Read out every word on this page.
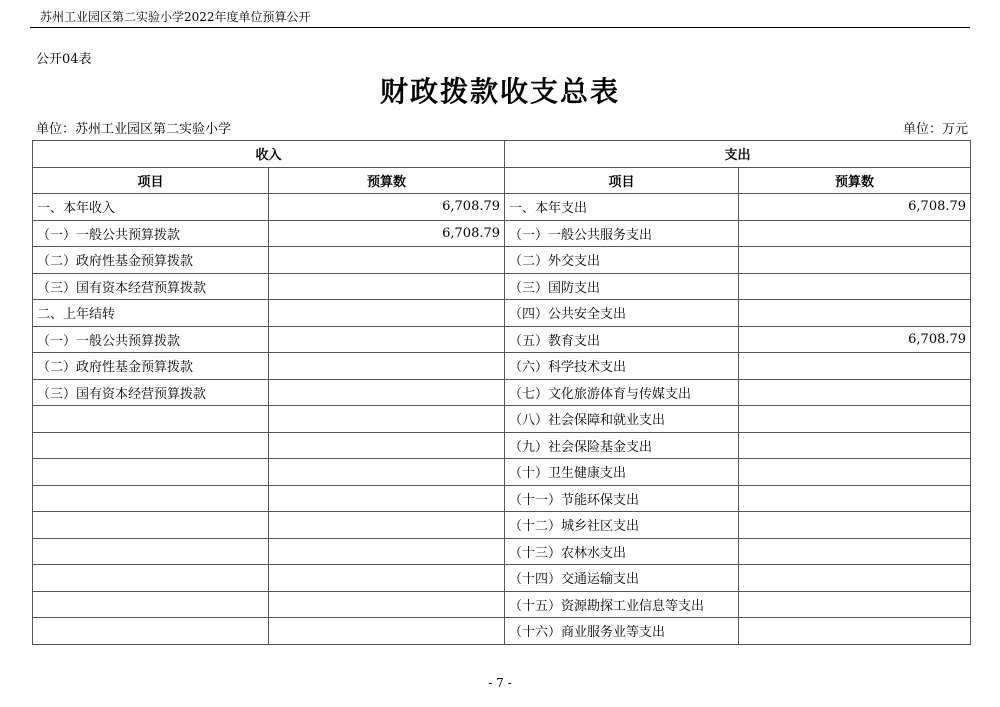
苏州工业园区第二实验小学2022年度单位预算公开
公开04表
财政拨款收支总表
单位：苏州工业园区第二实验小学	单位：万元
收入		支出	
项目	预算数	项目	预算数
一、本年收入	6,708.79	一、本年支出	6,708.79
（一）一般公共预算拨款	6,708.79	（一）一般公共服务支出	
（二）政府性基金预算拨款		（二）外交支出	
（三）国有资本经营预算拨款		（三）国防支出	
二、上年结转		（四）公共安全支出	
（一）一般公共预算拨款		（五）教育支出	6,708.79
（二）政府性基金预算拨款		（六）科学技术支出	
（三）国有资本经营预算拨款		（七）文化旅游体育与传媒支出	
		（八）社会保障和就业支出	
		（九）社会保险基金支出	
		（十）卫生健康支出	
		（十一）节能环保支出	
		（十二）城乡社区支出	
		（十三）农林水支出	
		（十四）交通运输支出	
		（十五）资源勘探工业信息等支出	
		（十六）商业服务业等支出	
- 7 -
